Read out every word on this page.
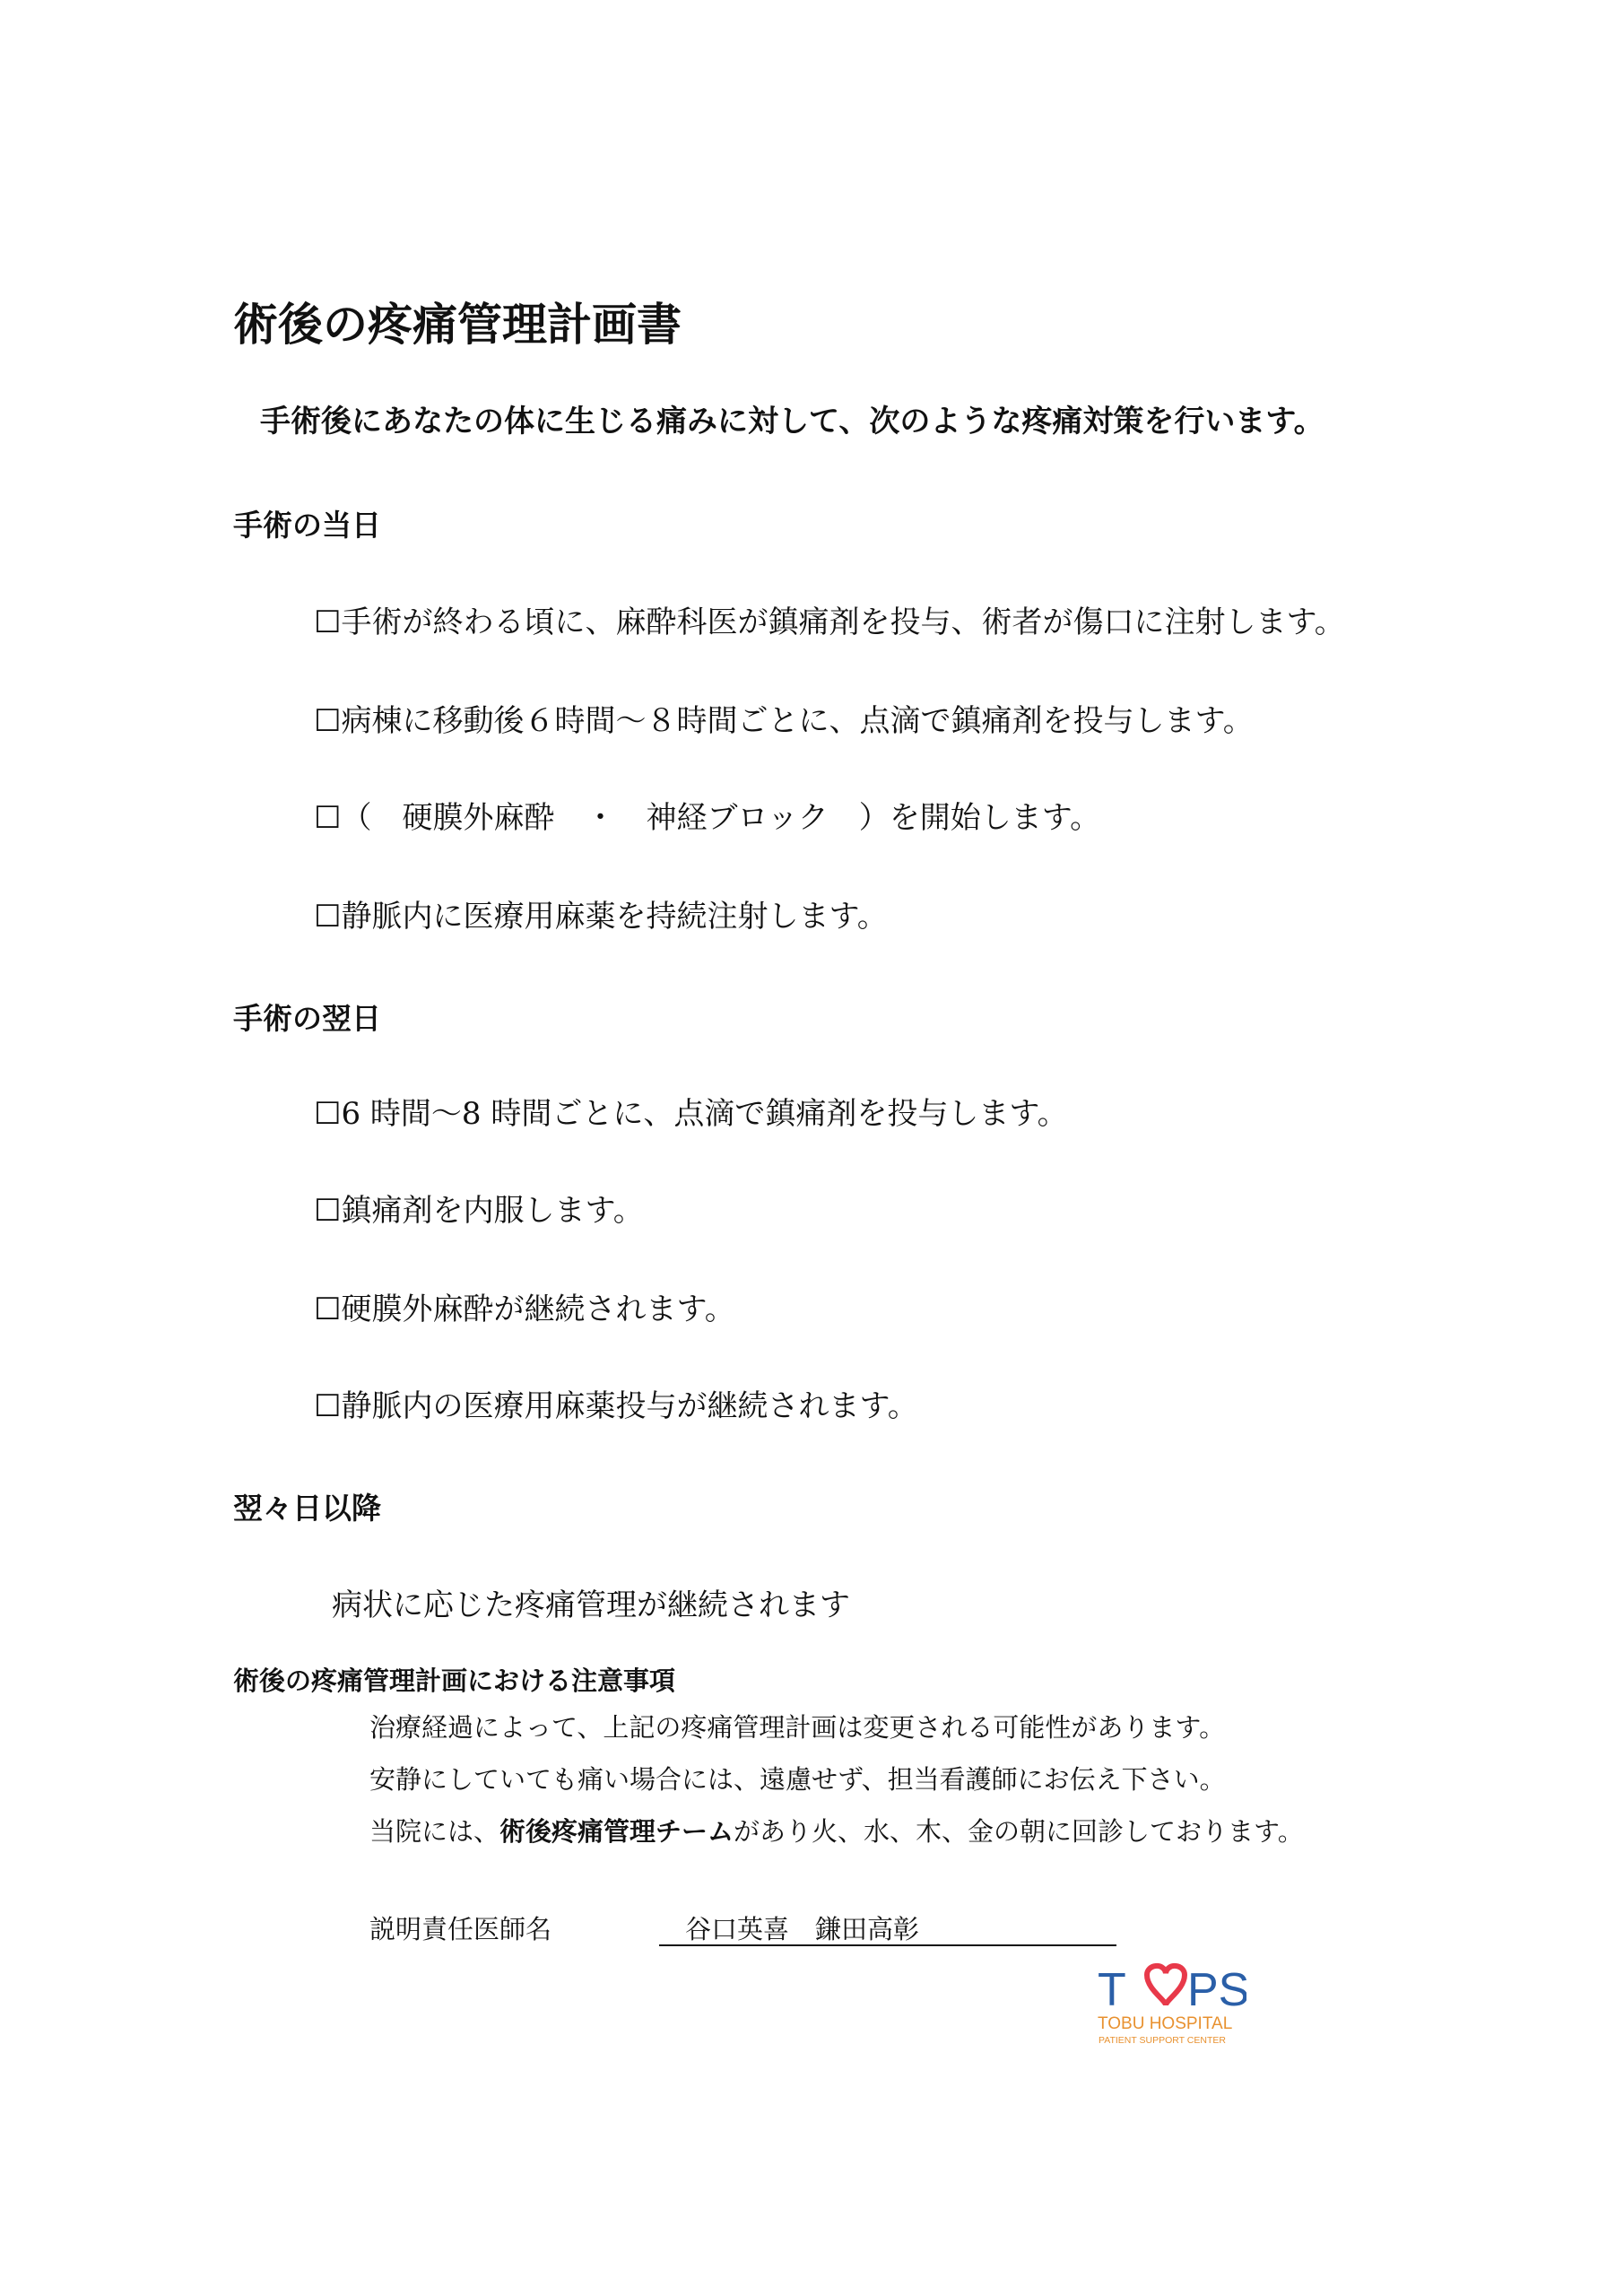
術後の疼痛管理計画書
手術後にあなたの体に生じる痛みに対して、次のような疼痛対策を行います。
手術の当日
☐手術が終わる頃に、麻酔科医が鎮痛剤を投与、術者が傷口に注射します。
☐病棟に移動後６時間〜８時間ごとに、点滴で鎮痛剤を投与します。
☐（　硬膜外麻酔　・　神経ブロック　）を開始します。
☐静脈内に医療用麻薬を持続注射します。
手術の翌日
☐6 時間〜8 時間ごとに、点滴で鎮痛剤を投与します。
☐鎮痛剤を内服します。
☐硬膜外麻酔が継続されます。
☐静脈内の医療用麻薬投与が継続されます。
翌々日以降
病状に応じた疼痛管理が継続されます
術後の疼痛管理計画における注意事項
治療経過によって、上記の疼痛管理計画は変更される可能性があります。
安静にしていても痛い場合には、遠慮せず、担当看護師にお伝え下さい。
当院には、術後疼痛管理チームがあり火、水、木、金の朝に回診しております。
説明責任医師名	谷口英喜　鎌田高彰
T PS
TOBU HOSPITAL
PATIENT SUPPORT CENTER
